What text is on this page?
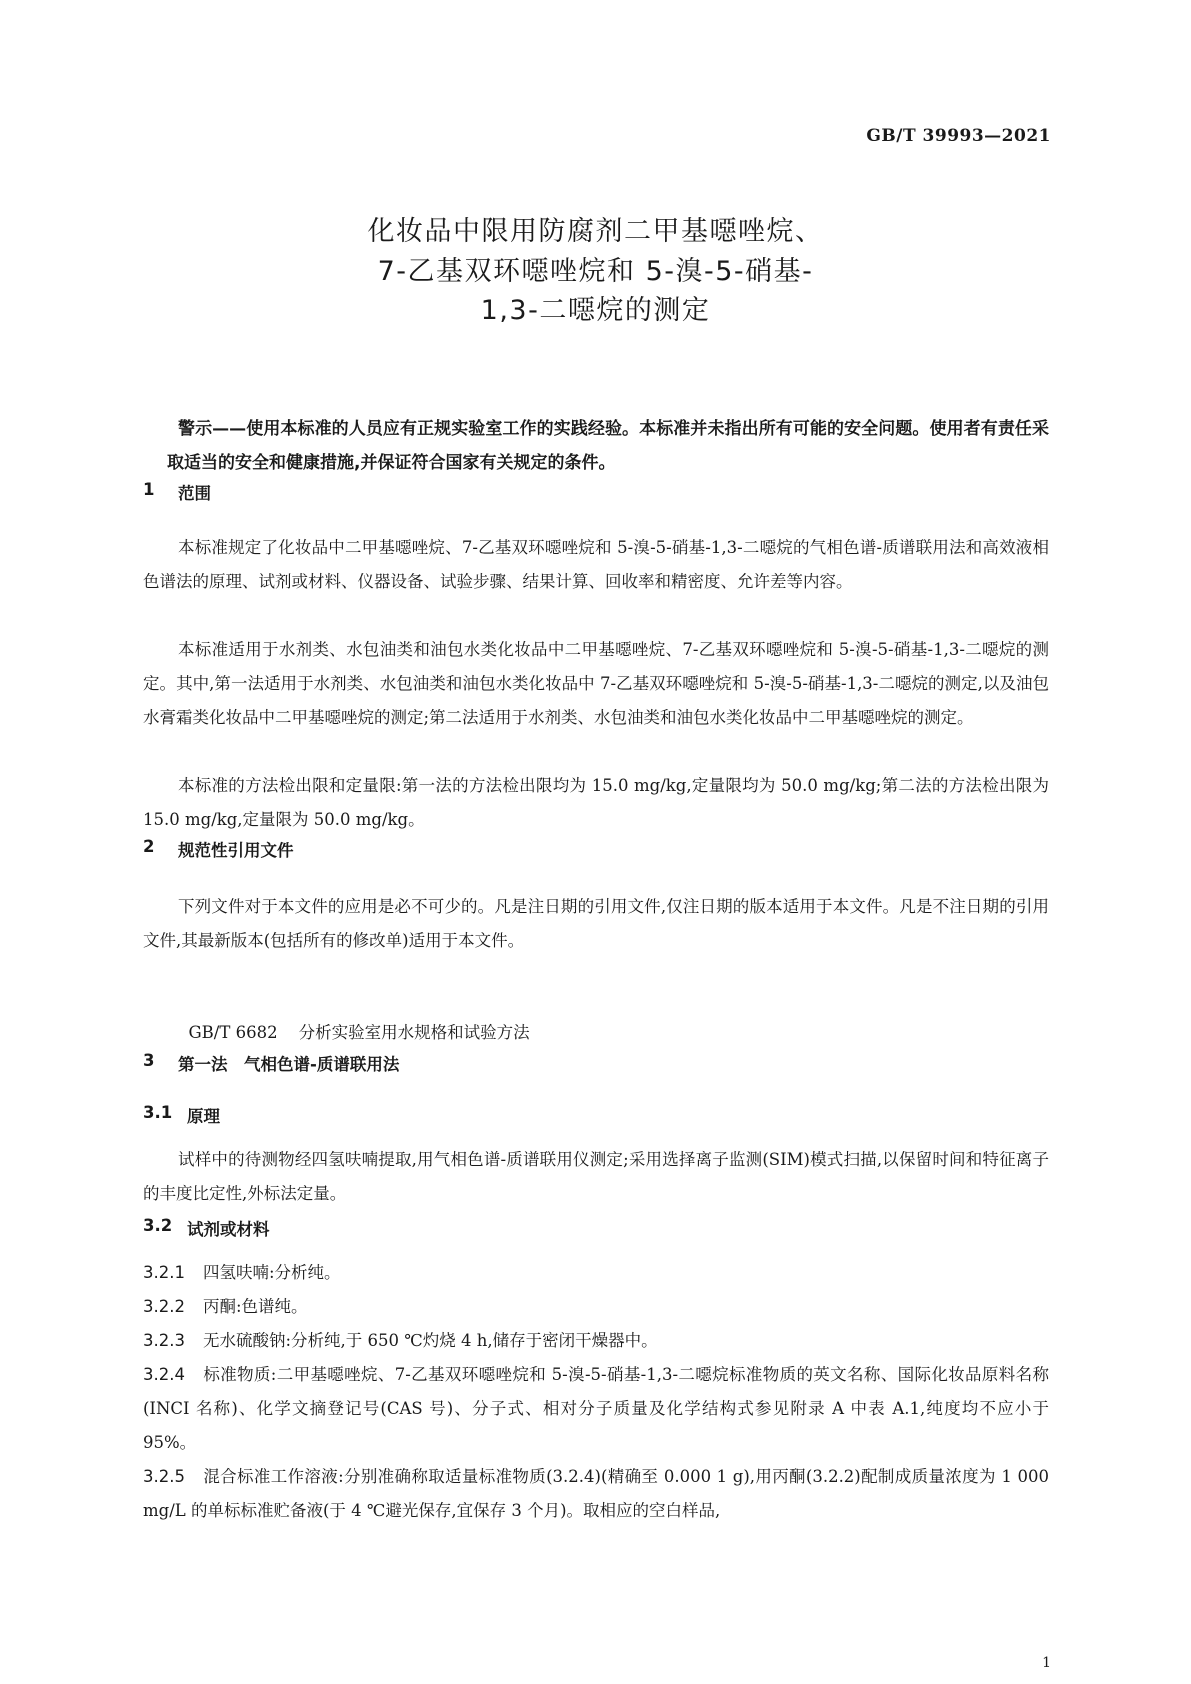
GB/T 39993—2021
化妆品中限用防腐剂二甲基噁唑烷、
7-乙基双环噁唑烷和 5-溴-5-硝基-
1,3-二噁烷的测定
警示——使用本标准的人员应有正规实验室工作的实践经验。本标准并未指出所有可能的安全问题。使用者有责任采取适当的安全和健康措施,并保证符合国家有关规定的条件。
1 范围

本标准规定了化妆品中二甲基噁唑烷、7-乙基双环噁唑烷和 5-溴-5-硝基-1,3-二噁烷的气相色谱-质谱联用法和高效液相色谱法的原理、试剂或材料、仪器设备、试验步骤、结果计算、回收率和精密度、允许差等内容。

本标准适用于水剂类、水包油类和油包水类化妆品中二甲基噁唑烷、7-乙基双环噁唑烷和 5-溴-5-硝基-1,3-二噁烷的测定。其中,第一法适用于水剂类、水包油类和油包水类化妆品中 7-乙基双环噁唑烷和 5-溴-5-硝基-1,3-二噁烷的测定,以及油包水膏霜类化妆品中二甲基噁唑烷的测定;第二法适用于水剂类、水包油类和油包水类化妆品中二甲基噁唑烷的测定。

本标准的方法检出限和定量限:第一法的方法检出限均为 15.0 mg/kg,定量限均为 50.0 mg/kg;第二法的方法检出限为 15.0 mg/kg,定量限为 50.0 mg/kg。

2 规范性引用文件

下列文件对于本文件的应用是必不可少的。凡是注日期的引用文件,仅注日期的版本适用于本文件。凡是不注日期的引用文件,其最新版本(包括所有的修改单)适用于本文件。

GB/T 6682 分析实验室用水规格和试验方法

3 第一法　气相色谱-质谱联用法
3.1 原理

试样中的待测物经四氢呋喃提取,用气相色谱-质谱联用仪测定;采用选择离子监测(SIM)模式扫描,以保留时间和特征离子的丰度比定性,外标法定量。

3.2 试剂或材料
3.2.1 四氢呋喃:分析纯。
3.2.2 丙酮:色谱纯。
3.2.3 无水硫酸钠:分析纯,于 650 ℃灼烧 4 h,储存于密闭干燥器中。
3.2.4 标准物质:二甲基噁唑烷、7-乙基双环噁唑烷和 5-溴-5-硝基-1,3-二噁烷标准物质的英文名称、国际化妆品原料名称(INCI 名称)、化学文摘登记号(CAS 号)、分子式、相对分子质量及化学结构式参见附录 A 中表 A.1,纯度均不应小于 95%。
3.2.5 混合标准工作溶液:分别准确称取适量标准物质(3.2.4)(精确至 0.000 1 g),用丙酮(3.2.2)配制成质量浓度为 1 000 mg/L 的单标标准贮备液(于 4 ℃避光保存,宜保存 3 个月)。取相应的空白样品,
1
